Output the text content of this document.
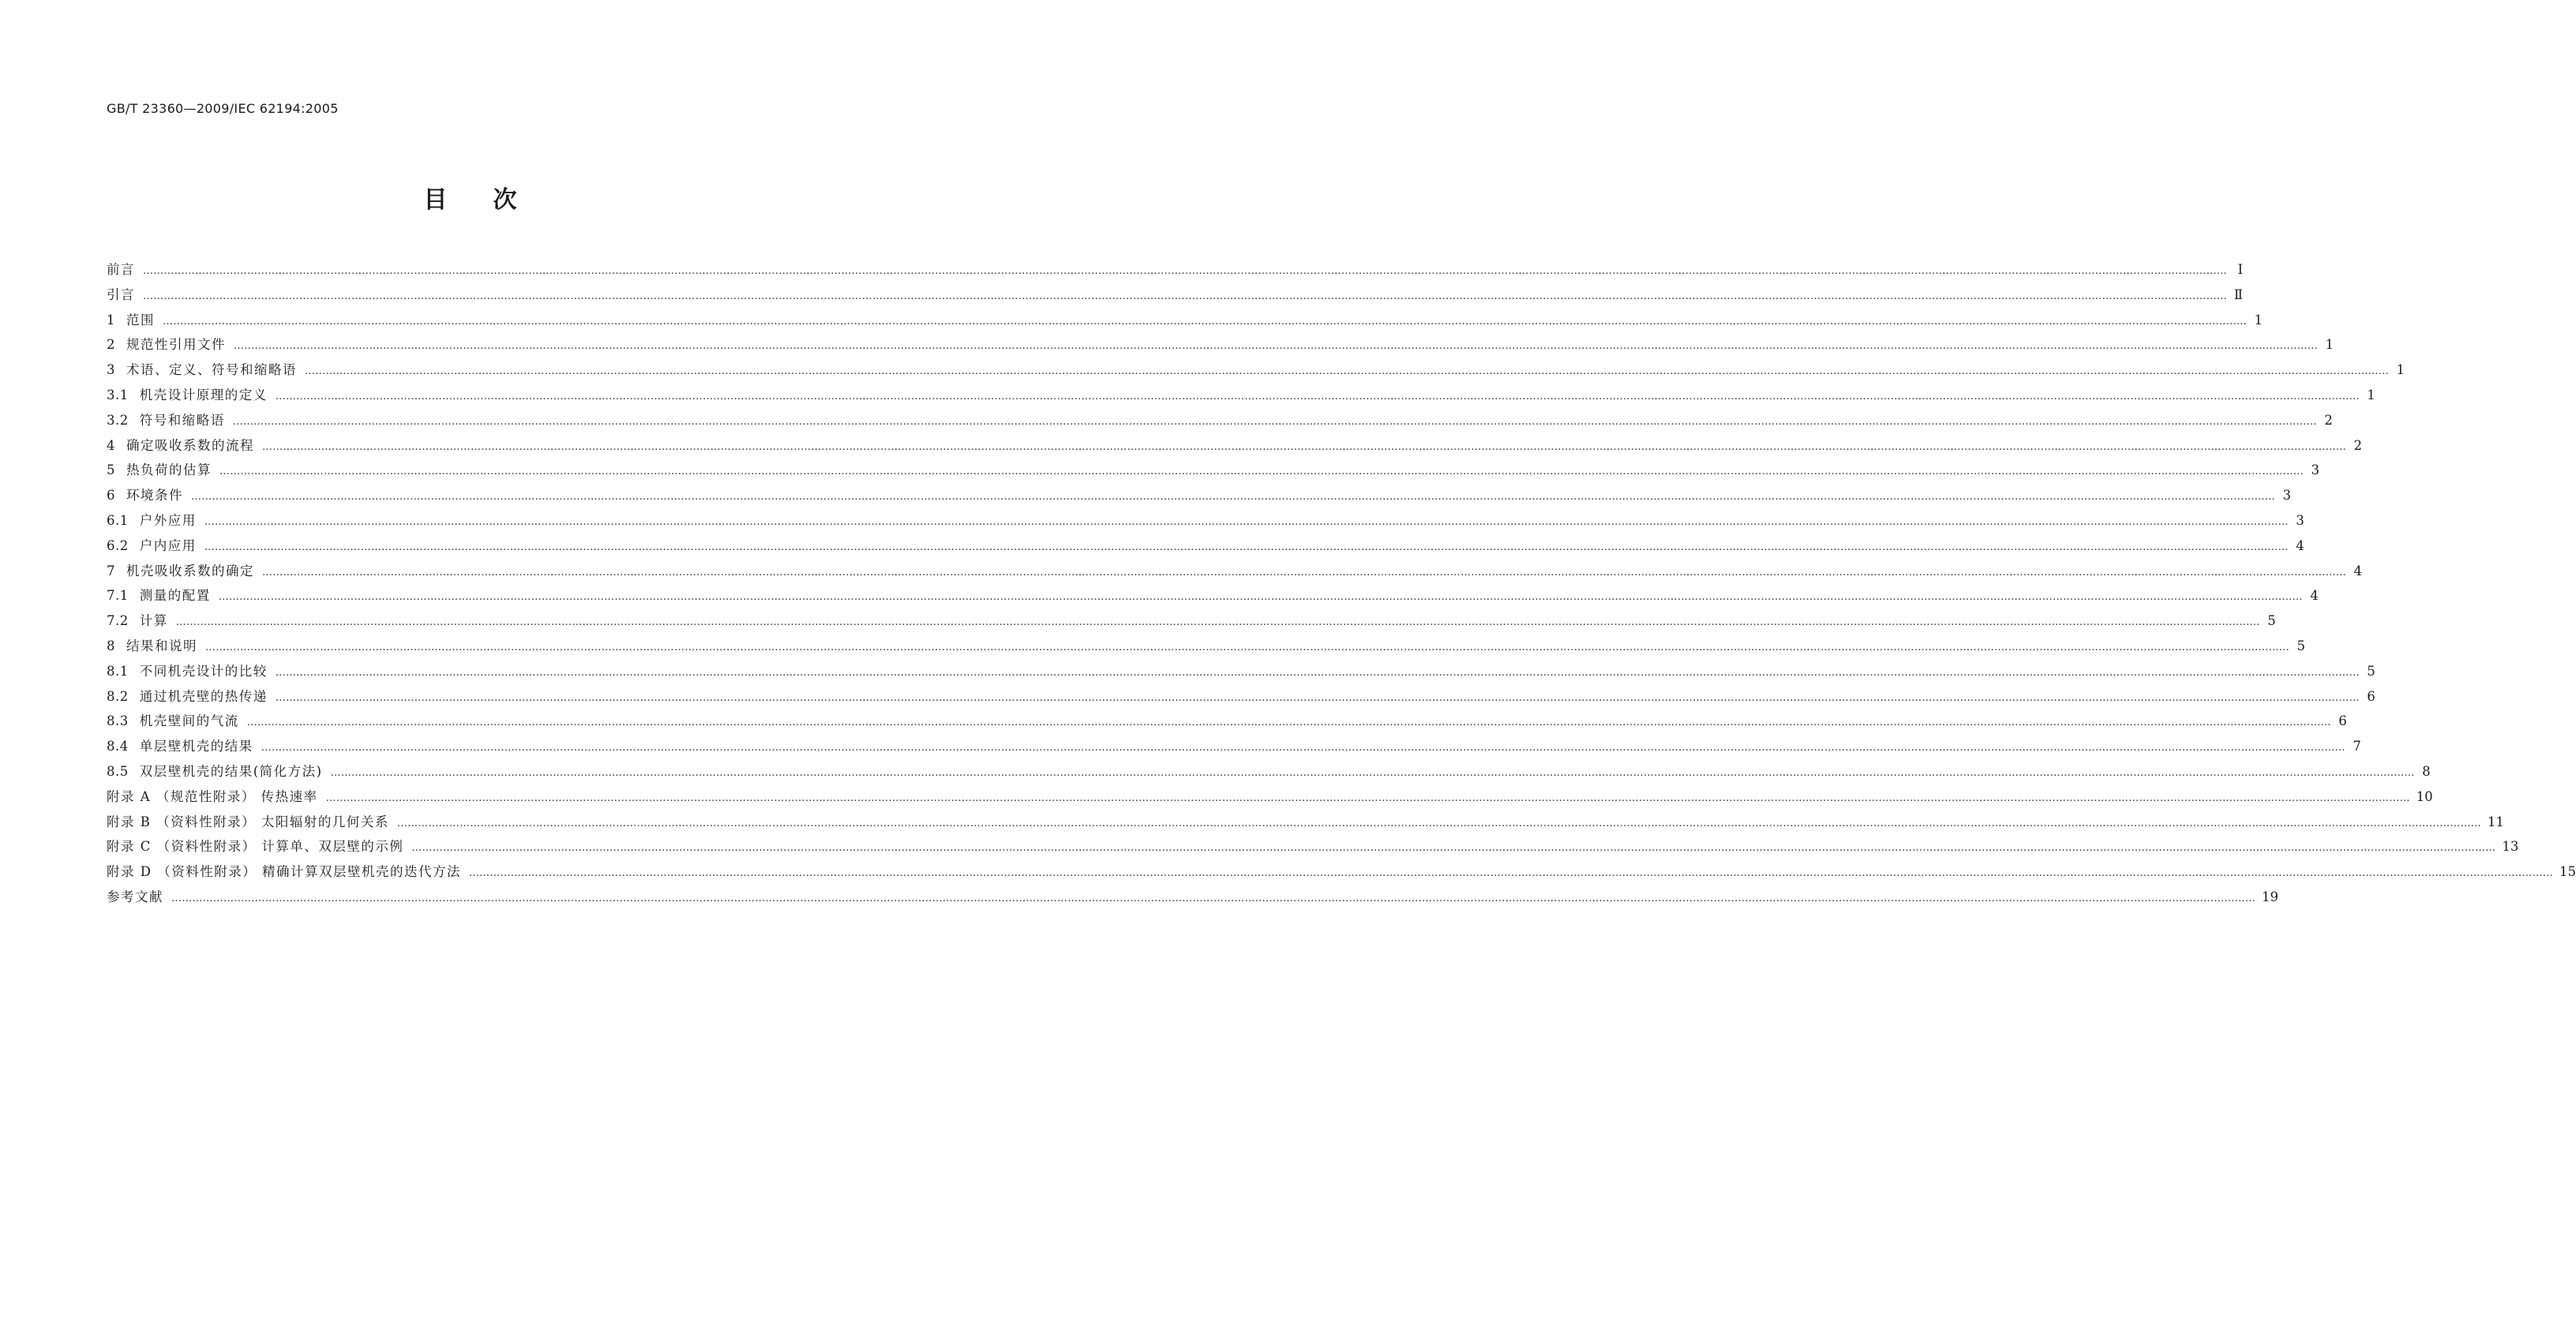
GB/T 23360—2009/IEC 62194:2005
目次
前言 …………………………………………………………………………………………………………………………………………………………………………………………………………………………………………………………………………………………………………………………………………………………………………………………………………………………………………………………………………………………………………………………………………………… Ⅰ
引言 …………………………………………………………………………………………………………………………………………………………………………………………………………………………………………………………………………………………………………………………………………………………………………………………………………………………………………………………………………………………………………………………………………………… Ⅱ
1 范围 …………………………………………………………………………………………………………………………………………………………………………………………………………………………………………………………………………………………………………………………………………………………………………………………………………………………………………………………………………………………………………………………………………………… 1
2 规范性引用文件 …………………………………………………………………………………………………………………………………………………………………………………………………………………………………………………………………………………………………………………………………………………………………………………………………………………………………………………………………………………………………………………………………………………… 1
3 术语、定义、符号和缩略语 …………………………………………………………………………………………………………………………………………………………………………………………………………………………………………………………………………………………………………………………………………………………………………………………………………………………………………………………………………………………………………………………………………………… 1
3.1 机壳设计原理的定义 …………………………………………………………………………………………………………………………………………………………………………………………………………………………………………………………………………………………………………………………………………………………………………………………………………………………………………………………………………………………………………………………………………………… 1
3.2 符号和缩略语 …………………………………………………………………………………………………………………………………………………………………………………………………………………………………………………………………………………………………………………………………………………………………………………………………………………………………………………………………………………………………………………………………………………… 2
4 确定吸收系数的流程 …………………………………………………………………………………………………………………………………………………………………………………………………………………………………………………………………………………………………………………………………………………………………………………………………………………………………………………………………………………………………………………………………………………… 2
5 热负荷的估算 …………………………………………………………………………………………………………………………………………………………………………………………………………………………………………………………………………………………………………………………………………………………………………………………………………………………………………………………………………………………………………………………………………………… 3
6 环境条件 …………………………………………………………………………………………………………………………………………………………………………………………………………………………………………………………………………………………………………………………………………………………………………………………………………………………………………………………………………………………………………………………………………………… 3
6.1 户外应用 …………………………………………………………………………………………………………………………………………………………………………………………………………………………………………………………………………………………………………………………………………………………………………………………………………………………………………………………………………………………………………………………………………………… 3
6.2 户内应用 …………………………………………………………………………………………………………………………………………………………………………………………………………………………………………………………………………………………………………………………………………………………………………………………………………………………………………………………………………………………………………………………………………………… 4
7 机壳吸收系数的确定 …………………………………………………………………………………………………………………………………………………………………………………………………………………………………………………………………………………………………………………………………………………………………………………………………………………………………………………………………………………………………………………………………………………… 4
7.1 测量的配置 …………………………………………………………………………………………………………………………………………………………………………………………………………………………………………………………………………………………………………………………………………………………………………………………………………………………………………………………………………………………………………………………………………………… 4
7.2 计算 …………………………………………………………………………………………………………………………………………………………………………………………………………………………………………………………………………………………………………………………………………………………………………………………………………………………………………………………………………………………………………………………………………………… 5
8 结果和说明 …………………………………………………………………………………………………………………………………………………………………………………………………………………………………………………………………………………………………………………………………………………………………………………………………………………………………………………………………………………………………………………………………………………… 5
8.1 不同机壳设计的比较 …………………………………………………………………………………………………………………………………………………………………………………………………………………………………………………………………………………………………………………………………………………………………………………………………………………………………………………………………………………………………………………………………………………… 5
8.2 通过机壳壁的热传递 …………………………………………………………………………………………………………………………………………………………………………………………………………………………………………………………………………………………………………………………………………………………………………………………………………………………………………………………………………………………………………………………………………………… 6
8.3 机壳壁间的气流 …………………………………………………………………………………………………………………………………………………………………………………………………………………………………………………………………………………………………………………………………………………………………………………………………………………………………………………………………………………………………………………………………………………… 6
8.4 单层壁机壳的结果 …………………………………………………………………………………………………………………………………………………………………………………………………………………………………………………………………………………………………………………………………………………………………………………………………………………………………………………………………………………………………………………………………………………… 7
8.5 双层壁机壳的结果(简化方法) …………………………………………………………………………………………………………………………………………………………………………………………………………………………………………………………………………………………………………………………………………………………………………………………………………………………………………………………………………………………………………………………………………………… 8
附录 A （规范性附录） 传热速率 …………………………………………………………………………………………………………………………………………………………………………………………………………………………………………………………………………………………………………………………………………………………………………………………………………………………………………………………………………………………………………………………………………………… 10
附录 B （资料性附录） 太阳辐射的几何关系 …………………………………………………………………………………………………………………………………………………………………………………………………………………………………………………………………………………………………………………………………………………………………………………………………………………………………………………………………………………………………………………………………………………… 11
附录 C （资料性附录） 计算单、双层壁的示例 …………………………………………………………………………………………………………………………………………………………………………………………………………………………………………………………………………………………………………………………………………………………………………………………………………………………………………………………………………………………………………………………………………………… 13
附录 D （资料性附录） 精确计算双层壁机壳的迭代方法 …………………………………………………………………………………………………………………………………………………………………………………………………………………………………………………………………………………………………………………………………………………………………………………………………………………………………………………………………………………………………………………………………………………… 15
参考文献 …………………………………………………………………………………………………………………………………………………………………………………………………………………………………………………………………………………………………………………………………………………………………………………………………………………………………………………………………………………………………………………………………………………… 19
